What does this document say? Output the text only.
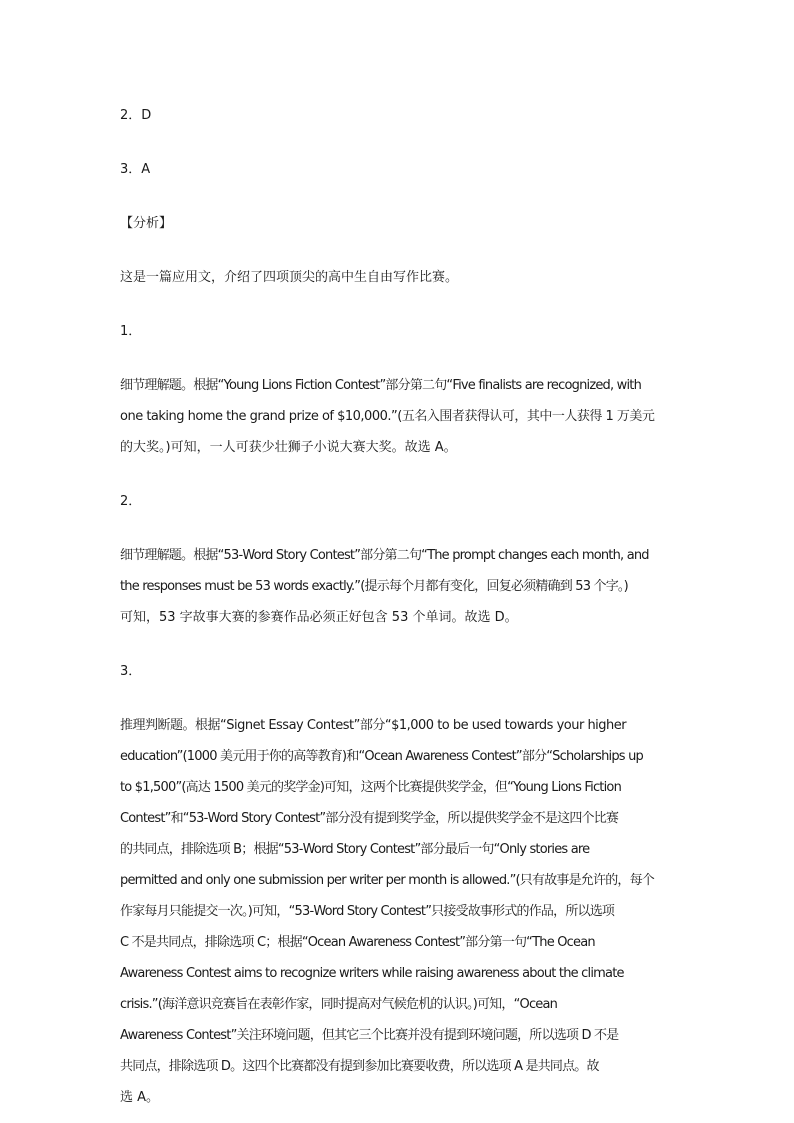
2．D
3．A
【分析】
这是一篇应用文，介绍了四项顶尖的高中生自由写作比赛。
1．
细节理解题。根据“Young Lions Fiction Contest”部分第二句“Five finalists are recognized, with
one taking home the grand prize of $10,000.”(五名入围者获得认可，其中一人获得 1 万美元
的大奖。)可知，一人可获少壮狮子小说大赛大奖。故选 A。
2．
细节理解题。根据“53-Word Story Contest”部分第二句“The prompt changes each month, and
the responses must be 53 words exactly.”(提示每个月都有变化，回复必须精确到 53 个字。)
可知，53 字故事大赛的参赛作品必须正好包含 53 个单词。故选 D。
3．
推理判断题。根据“Signet Essay Contest”部分“$1,000 to be used towards your higher
education”(1000 美元用于你的高等教育)和“Ocean Awareness Contest”部分“Scholarships up
to $1,500”(高达 1500 美元的奖学金)可知，这两个比赛提供奖学金，但“Young Lions Fiction
Contest”和“53-Word Story Contest”部分没有提到奖学金，所以提供奖学金不是这四个比赛
的共同点，排除选项 B；根据“53-Word Story Contest”部分最后一句“Only stories are
permitted and only one submission per writer per month is allowed.”(只有故事是允许的，每个
作家每月只能提交一次。)可知，“53-Word Story Contest”只接受故事形式的作品，所以选项
C 不是共同点，排除选项 C；根据“Ocean Awareness Contest”部分第一句“The Ocean
Awareness Contest aims to recognize writers while raising awareness about the climate
crisis.”(海洋意识竞赛旨在表彰作家，同时提高对气候危机的认识。)可知，“Ocean
Awareness Contest”关注环境问题，但其它三个比赛并没有提到环境问题，所以选项 D 不是
共同点，排除选项 D。这四个比赛都没有提到参加比赛要收费，所以选项 A 是共同点。故
选 A。
